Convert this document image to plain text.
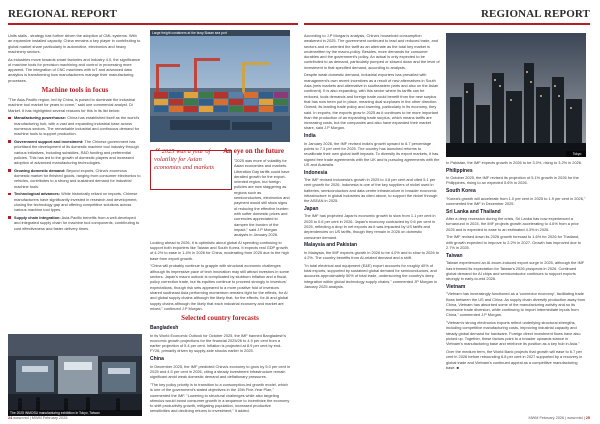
REGIONAL REPORT

Units stalls - strategy has further driven the adoption of CML systems. With an expansive installed capacity, China remains a key player in contributing to global market share particularly in automotive, electronics and heavy machinery sectors.

As industries move towards smart factories and Industry 4.0, the significance of machine tools for precision machining and control in processing more apparent. The integration of CNC machines with IoT and advanced data analytics is transforming how manufacturers manage their manufacturing processes.

Machine tools in focus

"The Asia-Pacific region, led by China, is poised to dominate the industrial machine tool market for years to come," said one commercial analyst. Di Market. It has highlighted several reasons for this in its list below:

Manufacturing powerhouse: China has established itself as the world's manufacturing hub, with a vast and expanding industrial base across numerous sectors. The remarkable industrial and continuous demand for machine tools to support production.
Government support and investment: The Chinese government has prioritised the development of its domestic machine tool industry through various initiatives, including subsidies, R&D funding and preferential policies. This has led to the growth of domestic players and increased adoption of advanced manufacturing technologies.
Growing domestic demand: Beyond exports, China's enormous domestic market for finished goods, ranging from consumer electronics to vehicles, contributes to a strong and sustained demand for industrial machine tools.
Technological advances: While historically reliant on imports, Chinese manufacturers have significantly invested in research and development, closing the technology gap and offering competitive solutions across various machine tool types.
Supply chain integration: Asia-Pacific benefits from a well-developed and integrated supply chain for machine tool components, contributing to cost effectiveness and faster delivery times.
Large freight containers at the busy Busan sea port
“2025 was a year of volatility for Asian economies and markets
An eye on the future

"2025 was more of volatility for Asian economies and markets. Liberation Day tariffs could have derailed growth for the export-oriented region, but foreign policies are now staggering as regions such as semiconductors, electronics and payment would still show signs of reducing the effective burden with softer domestic prices and currencies appreciated to dampen the burden of the impact," said J.P Morgan analysts in January 2026.

Looking ahead to 2026, it is optimistic about global AI spending continuing to support both exporters like Taiwan and South Korea. It expects real GDP growth of 4.2% to ease in 1.4% in 2026 for China, moderating from 2025 due to the high base from export growth.

"China will probably continue to grapple with structural economic challenges although its impressive pace of tech innovation may still attract investors in some sectors. Japan's macro outlook is complicated by stubborn inflation and a fiscal-policy correction trade, but its equities continue to proceed strongly in investors' expectations, though risk sets appeared to a more positive fold of investors shared southeast Asia performing momentum remains tight for the effects, for Al and global supply chains although the likely that, for the effects, for Al and global supply chains although the likely that each industrial economy and market are mixed," continued J.P Morgan.

Selected country forecasts
Bangladesh

In its World Economic Outlook for October 2025, the IMF banned Bangladesh's economic growth projections for the financial 2025/26 to 4.9 per cent from a earlier projection of 5.4 per cent. Inflation is projected at 8.9 per cent by end-FY26, primarily driven by supply-side shocks earlier in 2025.

China

In December 2025, the IMF predicted China's economy to grow by 5.0 per cent in 2025 and 4.5 per cent in 2026, citing a steady investment infrastructure remain significant amid weak domestic demand and deflationary pressures.

"The key policy priority is to transition to a consumption-led growth model, which is one of the government's stated objectives in the 15th Five-Year Plan," commented the IMF. "Lowering to structural challenges while also targeting stimulus would boost consumer growth in a sequence to incentivize the economy to shift productivity growth, mitigating population, increased productive sensitivities and declining returns to investment," it added.

The 2025 INMOSU manufacturing exhibition in Tokyo, Taiwan
24 www.mtd | MWM February 2026
REGIONAL REPORT

According to J.P Morgan's analysis, China's household consumption weakened in 2025. The government continued to lead and reduced trade, and sectors and re-oriented the tariff as an alternate as the total key market is underwritten by the macro-policy. Besides, more demands for consumer durables and the government's policy. An actual is only expected to be contributed to as demand, particularly pumped or slowed down and the level of investment in that specified demand, according to analysts.

Despite weak domestic demand, industrial exporters has prevailed with management's own recent incentives as a result of new alternatives in South Asia (new markets and alternative in southeastern parts and also on the Asian continent). It is also expanding, with this sector where its tariffs can be reduced, tools demands and foreign trade could benefit from the new surplus that has now been put in place, meaning dual surpluses in the other direction. Overall, its leading trade policy and lowering, particularly in its economy, they said. In exports, the exports grow in 2025 as it continues to be more important than the production of an expanding trade surplus, which means tariffs are increasing costs, but the companies and also have expanded their market share, said J.P Morgan.

India

In January 2026, the IMF revised India's growth upward to 6.7 percentage points to 7.3 per cent for 2025. The country has launched reforms to recalibrate their own global tariff impacts. To diversify its export markets, it has signed free trade agreements with the UK and is pursuing agreements with the US and Australia.

Indonesia

The IMF revised Indonesia's growth in 2025 to 4.8 per cent and cited 5.1 per cent growth for 2026. Indonesia is one of the key suppliers of nickel used in batteries, semiconductors and data centre infrastructure in broader economic infrastructure in global industries as cited above, to support the nickel through the ASEAN in 2025.

Japan

The IMF has projected Japan's economic growth to slow from 1.1 per cent in 2025 to 0.6 per cent in 2026. Japan's economy contracted by 0.6 per cent in 2025, reflecting a drop in net exports as it was impacted by US tariffs and dependencies on US tariffs, though they remain in 2026 on domestic consumer demand.

Malaysia and Pakistan

In Malaysia, the IMF expects growth in 2026 to be 4.0% and to slow to 2026 to 4.2%. The country benefits from AI-related demand and a shift.

"In total electrical and equipment (E&E) export accounts for roughly 40% of total exports, supported by sustained global demand for semiconductors, and accounts approximately 50% of total trade, underscoring the country's deep integration within global technology supply chains," commented JP Morgan in January 2025 analysis.

Tokyo

In Pakistan, the IMF expects growth in 2026 to be 3.0%, rising to 3.2% in 2026.

Philippines

In October 2025, the IMF revised its projection of 5.1% growth in 2026 for the Philippines, rising to an expected 5.6% in 2026.

South Korea

"Korea's growth will accelerate from 1.0 per cent in 2025 to 1.9 per cent in 2026," commented the IMF in December 2025.

Sri Lanka and Thailand

After a deep recession during the crisis, Sri Lanka has now experienced a turnaround in 2024, the IMF projects growth accelerating to 4.6% from a prior 2025 and is expected to ease to an estimated 4.3% in 2026.

The IMF revised down its 2026 growth forecast to 1.6% for 2026 for Thailand, with growth expected to improve to 2.2% in 2027. Growth has improved due to 2.7% in 2025.

Taiwan

Taiwan experienced an AI-boom-induced export surge in 2025, although the IMF has trimmed its expectation for Taiwan's 2026 prospects in 2026. Continued global demand for AI chips and semiconductor continues to support exports strongly in early-to-mid 2026.

Vietnam

"Vietnam has increasingly functioned as a 'connector economy', facilitating trade flows between the US and China. As supply chain diversify production away from China, Vietnam has absorbed some of the manufacturing activity and so its excessive trade diversion, while continuing to import intermediate inputs from China," commented J.P Morgan.

"Vietnam's strong electronics exports reflect underlying structural strengths, including competitive manufacturing costs, improving industrial capacity and steady global demand for hardware. Foreign direct investment flows have also picked up. Together, these factors point to a broader upwards stance in Vietnam's manufacturing base and reinforce its position as a key hub in Asia."

Over the medium term, the World Bank projects that growth will ease to 6.7 per cent in 2026 before rebounding 6.8 per cent in 2027 supported by a recovery in global trade and Vietnam's continued appeal as a competitive manufacturing base. ■

MWM February 2026 | www.mtd | 25
